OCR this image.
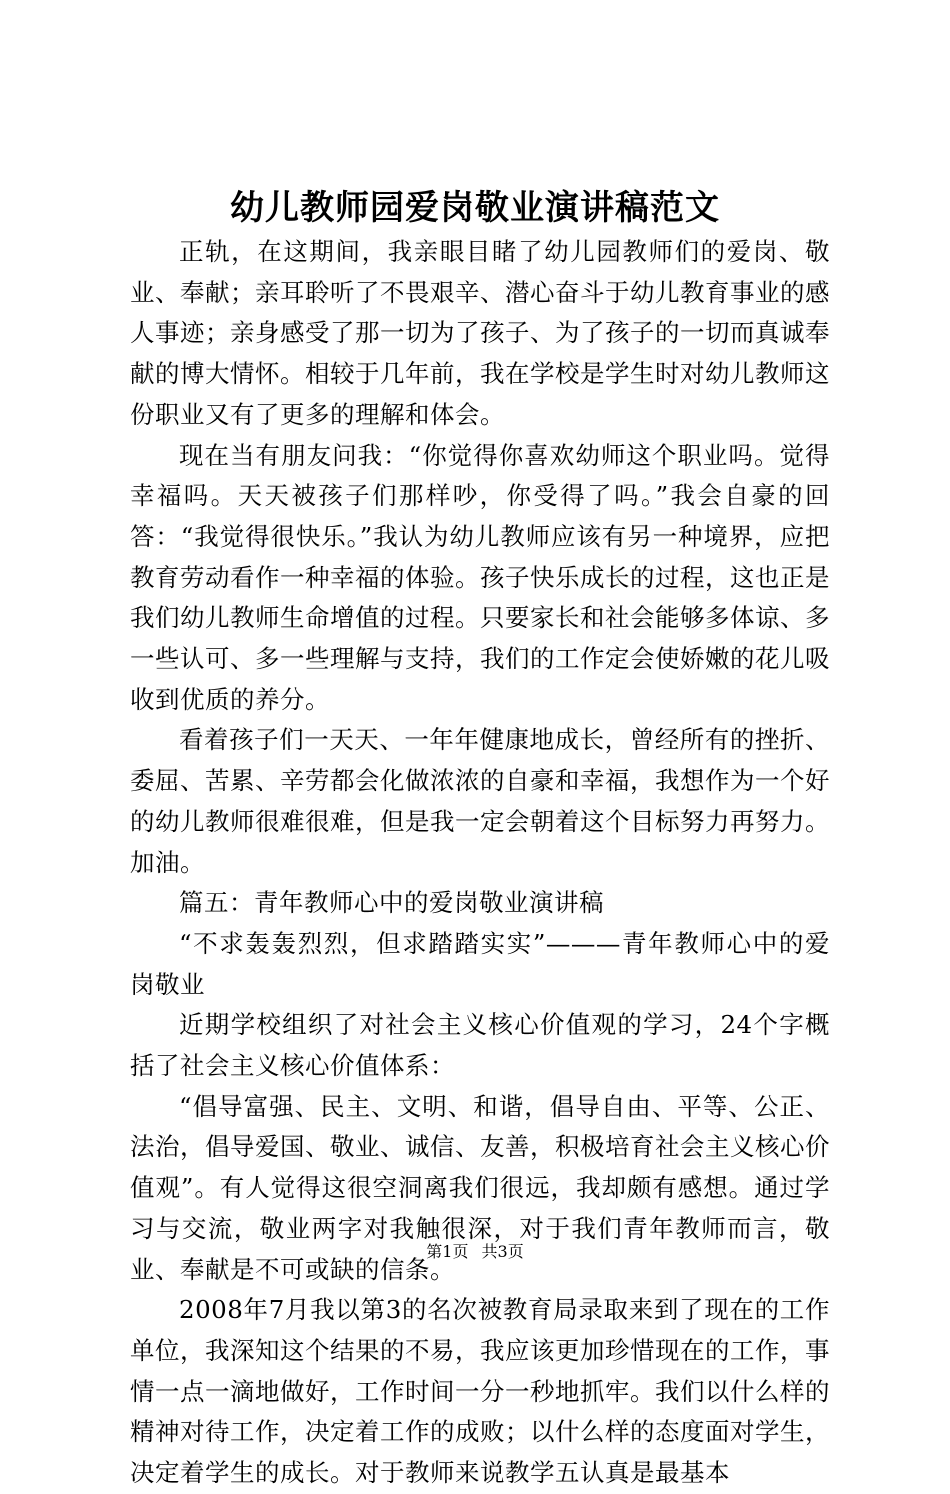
幼儿教师园爱岗敬业演讲稿范文

正轨，在这期间，我亲眼目睹了幼儿园教师们的爱岗、敬业、奉献；亲耳聆听了不畏艰辛、潜心奋斗于幼儿教育事业的感人事迹；亲身感受了那一切为了孩子、为了孩子的一切而真诚奉献的博大情怀。相较于几年前，我在学校是学生时对幼儿教师这份职业又有了更多的理解和体会。

现在当有朋友问我：“你觉得你喜欢幼师这个职业吗。觉得幸福吗。天天被孩子们那样吵，你受得了吗。”我会自豪的回答：“我觉得很快乐。”我认为幼儿教师应该有另一种境界，应把教育劳动看作一种幸福的体验。孩子快乐成长的过程，这也正是我们幼儿教师生命增值的过程。只要家长和社会能够多体谅、多一些认可、多一些理解与支持，我们的工作定会使娇嫩的花儿吸收到优质的养分。

看着孩子们一天天、一年年健康地成长，曾经所有的挫折、委屈、苦累、辛劳都会化做浓浓的自豪和幸福，我想作为一个好的幼儿教师很难很难，但是我一定会朝着这个目标努力再努力。加油。

篇五：青年教师心中的爱岗敬业演讲稿

“不求轰轰烈烈，但求踏踏实实”———青年教师心中的爱岗敬业

近期学校组织了对社会主义核心价值观的学习，24个字概括了社会主义核心价值体系：

“倡导富强、民主、文明、和谐，倡导自由、平等、公正、法治，倡导爱国、敬业、诚信、友善，积极培育社会主义核心价值观”。有人觉得这很空洞离我们很远，我却颇有感想。通过学习与交流，敬业两字对我触很深，对于我们青年教师而言，敬业、奉献是不可或缺的信条。

2008年7月我以第3的名次被教育局录取来到了现在的工作单位，我深知这个结果的不易，我应该更加珍惜现在的工作，事情一点一滴地做好，工作时间一分一秒地抓牢。我们以什么样的精神对待工作，决定着工作的成败；以什么样的态度面对学生，决定着学生的成长。对于教师来说教学五认真是最基本

第1页 共3页
